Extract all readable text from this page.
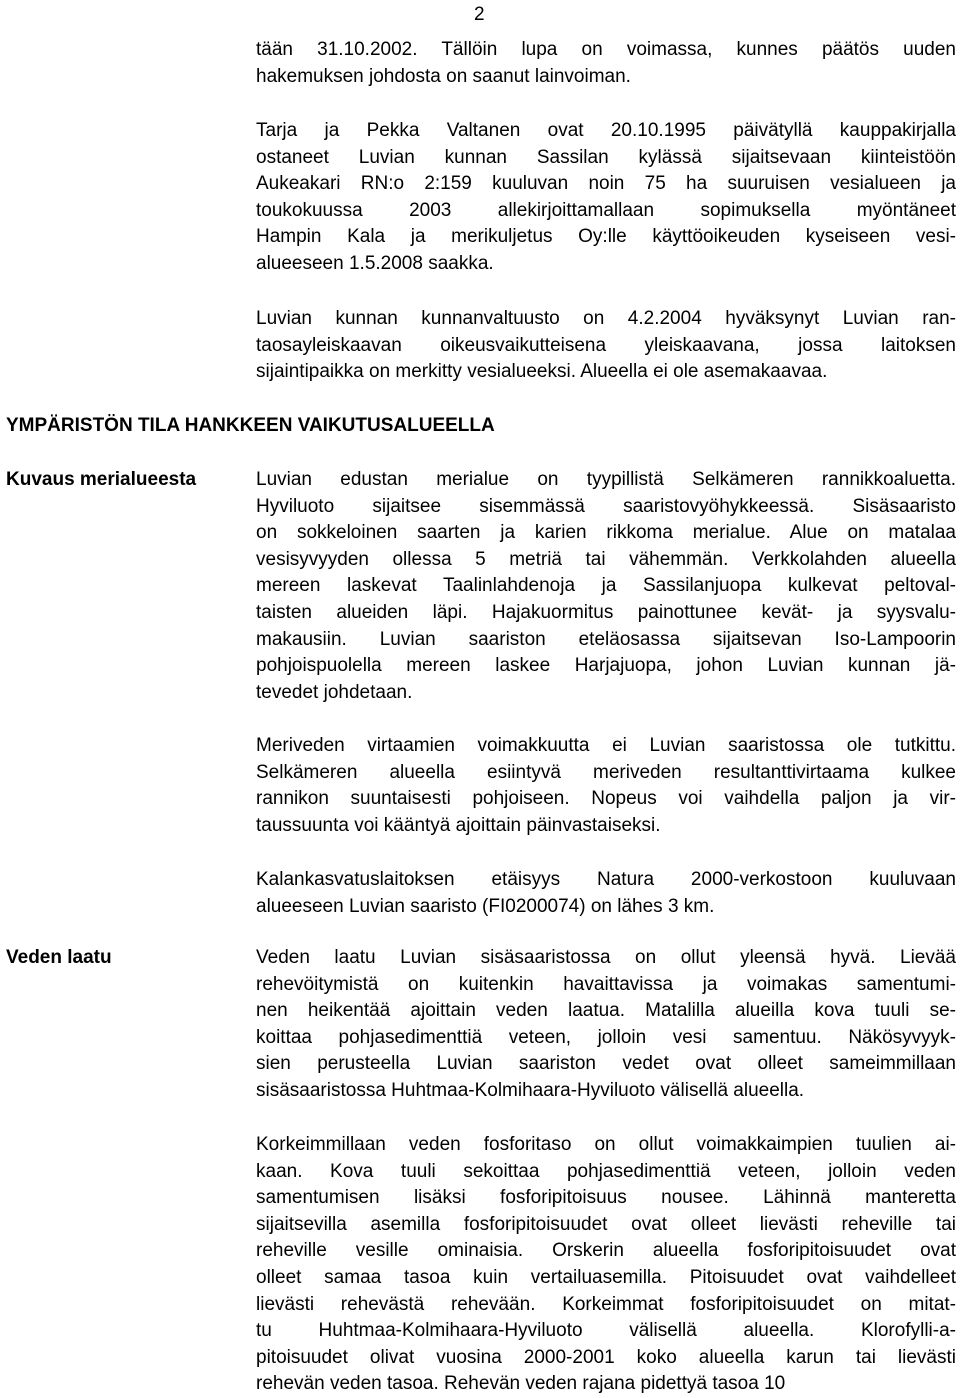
2
tään 31.10.2002. Tällöin lupa on voimassa, kunnes päätös uuden
hakemuksen johdosta on saanut lainvoiman.
Tarja ja Pekka Valtanen ovat 20.10.1995 päivätyllä kauppakirjalla
ostaneet Luvian kunnan Sassilan kylässä sijaitsevaan kiinteistöön
Aukeakari RN:o 2:159 kuuluvan noin 75 ha suuruisen vesialueen ja
toukokuussa 2003 allekirjoittamallaan sopimuksella myöntäneet
Hampin Kala ja merikuljetus Oy:lle käyttöoikeuden kyseiseen vesi-
alueeseen 1.5.2008 saakka.
Luvian kunnan kunnanvaltuusto on 4.2.2004 hyväksynyt Luvian ran-
taosayleiskaavan oikeusvaikutteisena yleiskaavana, jossa laitoksen
sijaintipaikka on merkitty vesialueeksi. Alueella ei ole asemakaavaa.
YMPÄRISTÖN TILA HANKKEEN VAIKUTUSALUEELLA
Kuvaus merialueesta	Luvian edustan merialue on tyypillistä Selkämeren rannikkoaluetta.
Hyviluoto sijaitsee sisemmässä saaristovyöhykkeessä. Sisäsaaristo
on sokkeloinen saarten ja karien rikkoma merialue. Alue on matalaa
vesisyvyyden ollessa 5 metriä tai vähemmän. Verkkolahden alueella
mereen laskevat Taalinlahdenoja ja Sassilanjuopa kulkevat peltoval-
taisten alueiden läpi. Hajakuormitus painottunee kevät- ja syysvalu-
makausiin. Luvian saariston eteläosassa sijaitsevan Iso-Lampoorin
pohjoispuolella mereen laskee Harjajuopa, johon Luvian kunnan jä-
tevedet johdetaan.
Meriveden virtaamien voimakkuutta ei Luvian saaristossa ole tutkittu.
Selkämeren alueella esiintyvä meriveden resultanttivirtaama kulkee
rannikon suuntaisesti pohjoiseen. Nopeus voi vaihdella paljon ja vir-
taussuunta voi kääntyä ajoittain päinvastaiseksi.
Kalankasvatuslaitoksen etäisyys Natura 2000-verkostoon kuuluvaan
alueeseen Luvian saaristo (FI0200074) on lähes 3 km.
Veden laatu	Veden laatu Luvian sisäsaaristossa on ollut yleensä hyvä. Lievää
rehevöitymistä on kuitenkin havaittavissa ja voimakas samentumi-
nen heikentää ajoittain veden laatua. Matalilla alueilla kova tuuli se-
koittaa pohjasedimenttiä veteen, jolloin vesi samentuu. Näkösyvyyk-
sien perusteella Luvian saariston vedet ovat olleet sameimmillaan
sisäsaaristossa Huhtmaa-Kolmihaara-Hyviluoto välisellä alueella.
Korkeimmillaan veden fosforitaso on ollut voimakkaimpien tuulien ai-
kaan. Kova tuuli sekoittaa pohjasedimenttiä veteen, jolloin veden
samentumisen lisäksi fosforipitoisuus nousee. Lähinnä manteretta
sijaitsevilla asemilla fosforipitoisuudet ovat olleet lievästi reheville tai
reheville vesille ominaisia. Orskerin alueella fosforipitoisuudet ovat
olleet samaa tasoa kuin vertailuasemilla. Pitoisuudet ovat vaihdelleet
lievästi rehevästä rehevään. Korkeimmat fosforipitoisuudet on mitat-
tu Huhtmaa-Kolmihaara-Hyviluoto välisellä alueella. Klorofylli-a-
pitoisuudet olivat vuosina 2000-2001 koko alueella karun tai lievästi
rehevän veden tasoa. Rehevän veden rajana pidettyä tasoa 10
